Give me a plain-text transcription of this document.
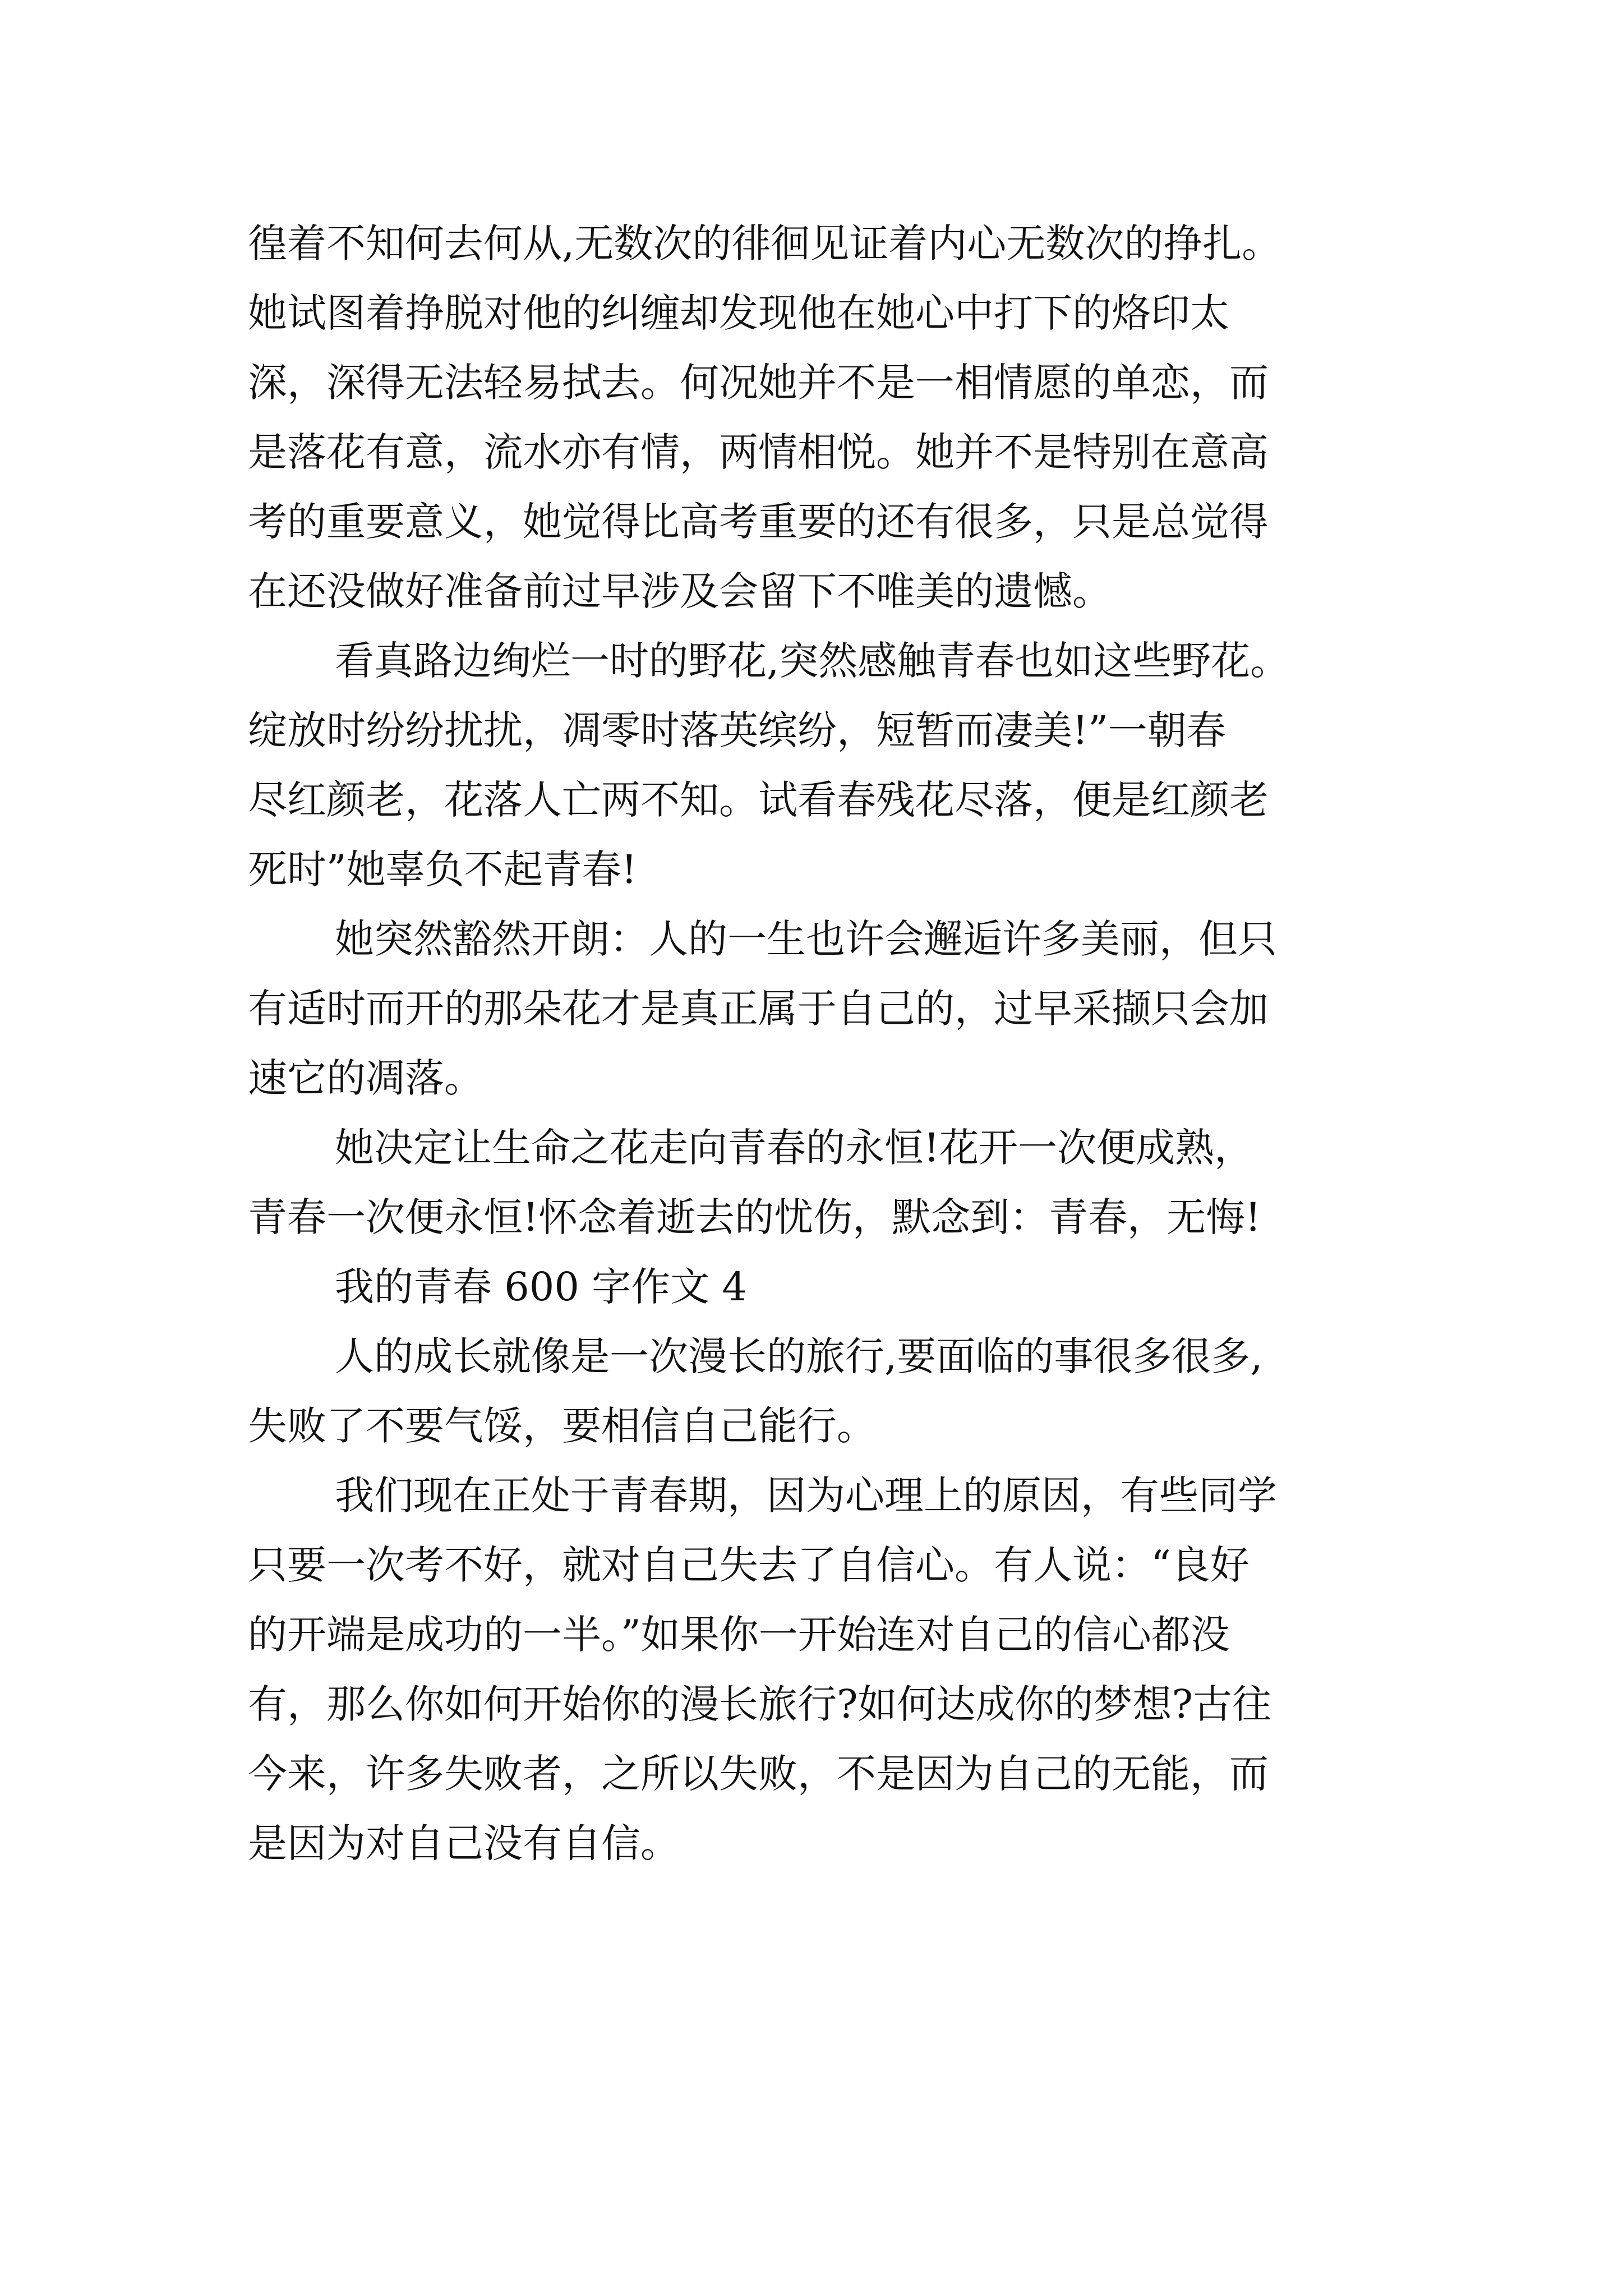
徨着不知何去何从,无数次的徘徊见证着内心无数次的挣扎。
她试图着挣脱对他的纠缠却发现他在她心中打下的烙印太
深，深得无法轻易拭去。何况她并不是一相情愿的单恋，而
是落花有意，流水亦有情，两情相悦。她并不是特别在意高
考的重要意义，她觉得比高考重要的还有很多，只是总觉得
在还没做好准备前过早涉及会留下不唯美的遗憾。
看真路边绚烂一时的野花,突然感触青春也如这些野花。
绽放时纷纷扰扰，凋零时落英缤纷，短暂而凄美!”一朝春
尽红颜老，花落人亡两不知。试看春残花尽落，便是红颜老
死时”她辜负不起青春!
她突然豁然开朗：人的一生也许会邂逅许多美丽，但只
有适时而开的那朵花才是真正属于自己的，过早采撷只会加
速它的凋落。
她决定让生命之花走向青春的永恒!花开一次便成熟，
青春一次便永恒!怀念着逝去的忧伤，默念到：青春，无悔!
我的青春 600 字作文 4
人的成长就像是一次漫长的旅行,要面临的事很多很多,
失败了不要气馁，要相信自己能行。
我们现在正处于青春期，因为心理上的原因，有些同学
只要一次考不好，就对自己失去了自信心。有人说：“良好
的开端是成功的一半。”如果你一开始连对自己的信心都没
有，那么你如何开始你的漫长旅行?如何达成你的梦想?古往
今来，许多失败者，之所以失败，不是因为自己的无能，而
是因为对自己没有自信。
